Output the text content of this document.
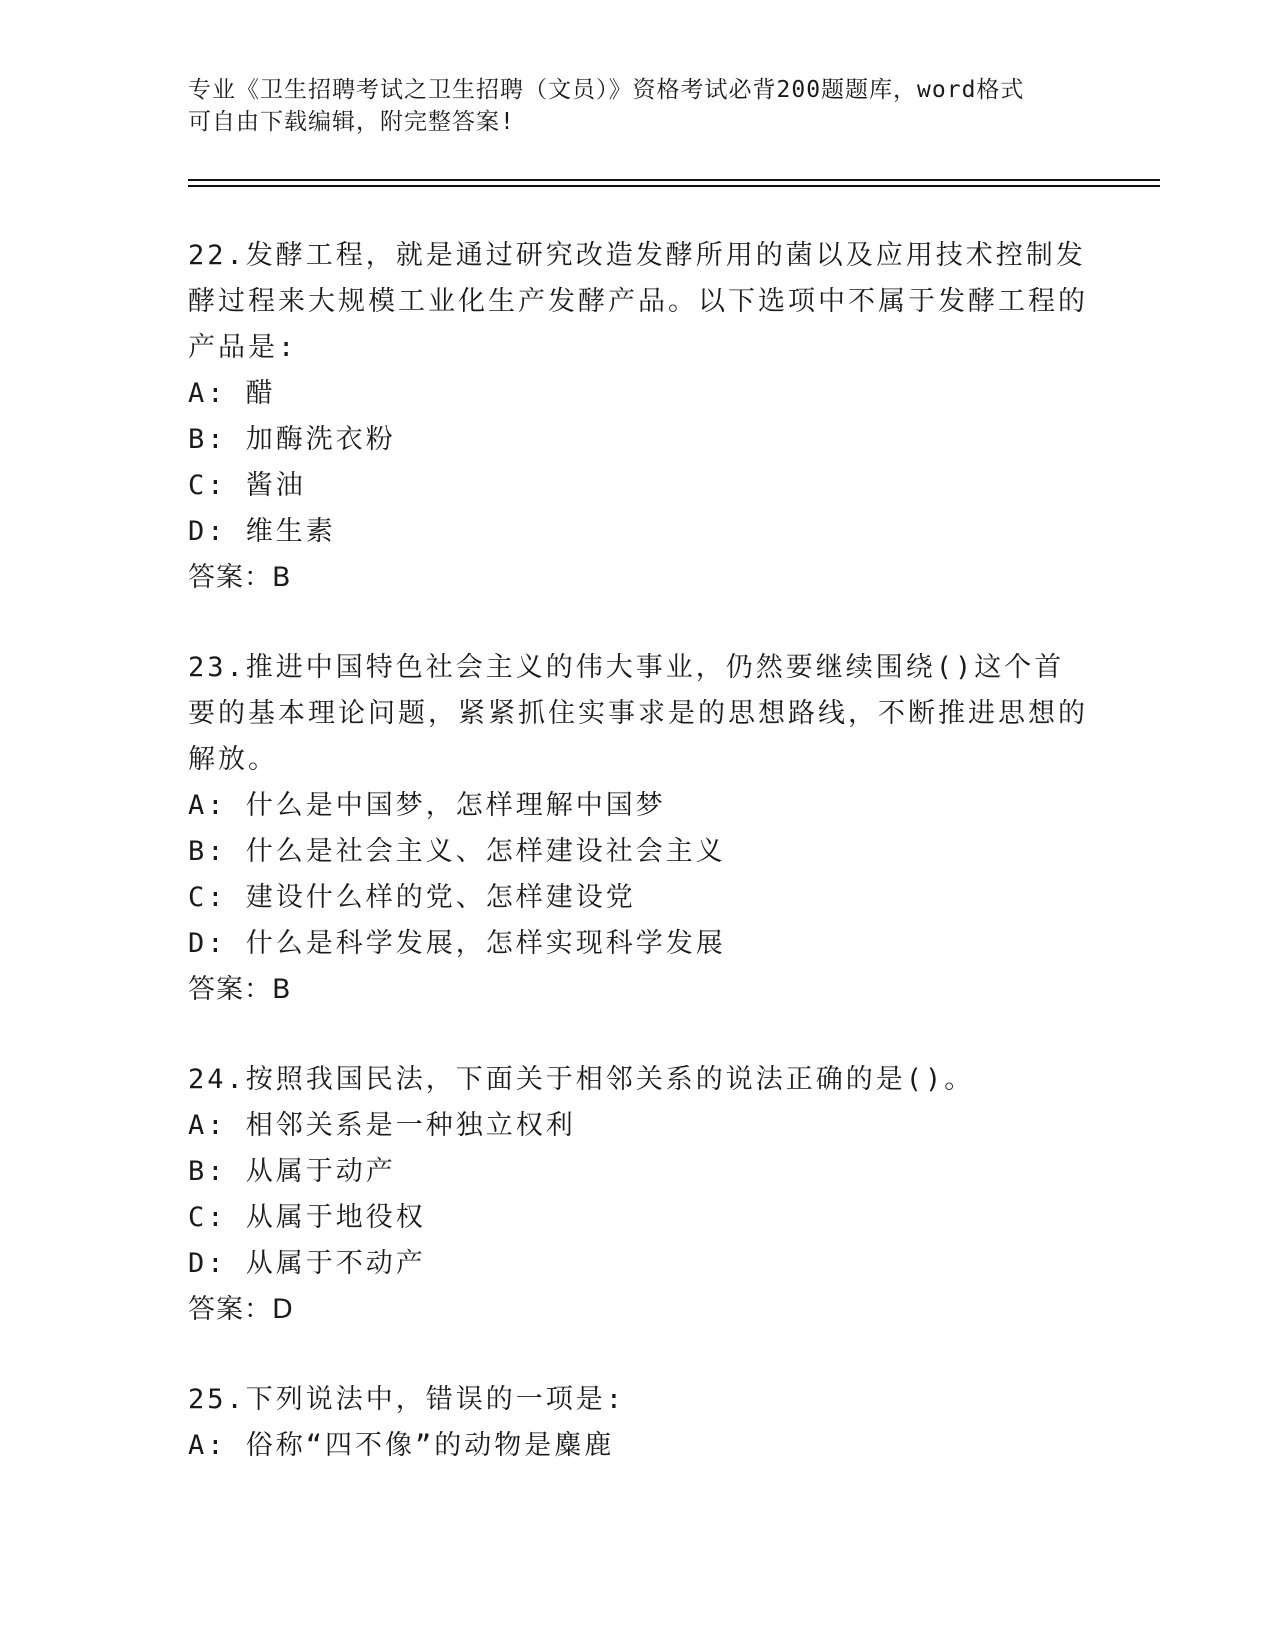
专业《卫生招聘考试之卫生招聘（文员）》资格考试必背200题题库，word格式
可自由下载编辑，附完整答案!

22.发酵工程，就是通过研究改造发酵所用的菌以及应用技术控制发酵过程来大规模工业化生产发酵产品。以下选项中不属于发酵工程的产品是:

A: 醋

B: 加酶洗衣粉

C: 酱油

D: 维生素

答案：B

23.推进中国特色社会主义的伟大事业，仍然要继续围绕()这个首要的基本理论问题，紧紧抓住实事求是的思想路线，不断推进思想的解放。

A: 什么是中国梦，怎样理解中国梦

B: 什么是社会主义、怎样建设社会主义

C: 建设什么样的党、怎样建设党

D: 什么是科学发展，怎样实现科学发展

答案：B

24.按照我国民法，下面关于相邻关系的说法正确的是()。

A: 相邻关系是一种独立权利

B: 从属于动产

C: 从属于地役权

D: 从属于不动产

答案：D

25.下列说法中，错误的一项是:

A: 俗称“四不像”的动物是麋鹿
